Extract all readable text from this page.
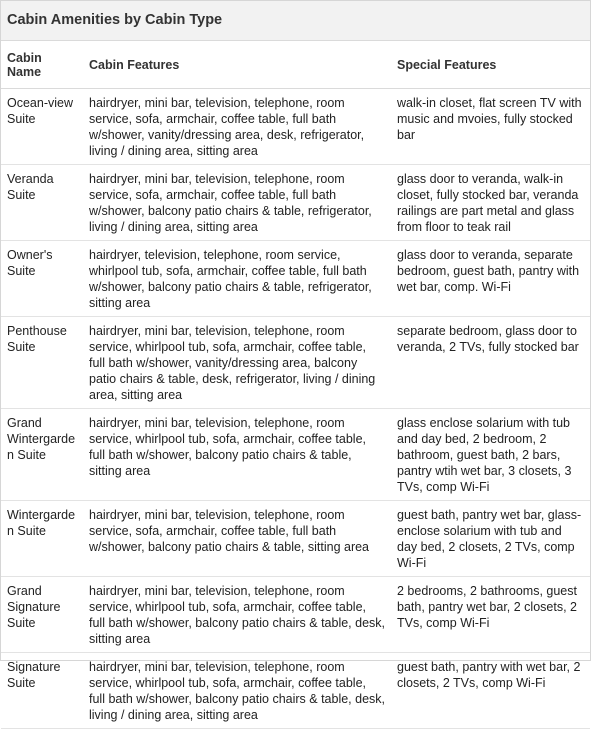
Cabin Amenities by Cabin Type
Cabin Name	Cabin Features	Special Features
Ocean-view Suite	hairdryer, mini bar, television, telephone, room service, sofa, armchair, coffee table, full bath w/shower, vanity/dressing area, desk, refrigerator, living / dining area, sitting area	walk-in closet, flat screen TV with music and mvoies, fully stocked bar
Veranda Suite	hairdryer, mini bar, television, telephone, room service, sofa, armchair, coffee table, full bath w/shower, balcony patio chairs & table, refrigerator, living / dining area, sitting area	glass door to veranda, walk-in closet, fully stocked bar, veranda railings are part metal and glass from floor to teak rail
Owner's Suite	hairdryer, television, telephone, room service, whirlpool tub, sofa, armchair, coffee table, full bath w/shower, balcony patio chairs & table, refrigerator, sitting area	glass door to veranda, separate bedroom, guest bath, pantry with wet bar, comp. Wi-Fi
Penthouse Suite	hairdryer, mini bar, television, telephone, room service, whirlpool tub, sofa, armchair, coffee table, full bath w/shower, vanity/dressing area, balcony patio chairs & table, desk, refrigerator, living / dining area, sitting area	separate bedroom, glass door to veranda, 2 TVs, fully stocked bar
Grand Wintergarden Suite	hairdryer, mini bar, television, telephone, room service, whirlpool tub, sofa, armchair, coffee table, full bath w/shower, balcony patio chairs & table, sitting area	glass enclose solarium with tub and day bed, 2 bedroom, 2 bathroom, guest bath, 2 bars, pantry wtih wet bar, 3 closets, 3 TVs, comp Wi-Fi
Wintergarden Suite	hairdryer, mini bar, television, telephone, room service, sofa, armchair, coffee table, full bath w/shower, balcony patio chairs & table, sitting area	guest bath, pantry wet bar, glass-enclose solarium with tub and day bed, 2 closets, 2 TVs, comp Wi-Fi
Grand Signature Suite	hairdryer, mini bar, television, telephone, room service, whirlpool tub, sofa, armchair, coffee table, full bath w/shower, balcony patio chairs & table, desk, sitting area	2 bedrooms, 2 bathrooms, guest bath, pantry wet bar, 2 closets, 2 TVs, comp Wi-Fi
Signature Suite	hairdryer, mini bar, television, telephone, room service, whirlpool tub, sofa, armchair, coffee table, full bath w/shower, balcony patio chairs & table, desk, living / dining area, sitting area	guest bath, pantry with wet bar, 2 closets, 2 TVs, comp Wi-Fi
